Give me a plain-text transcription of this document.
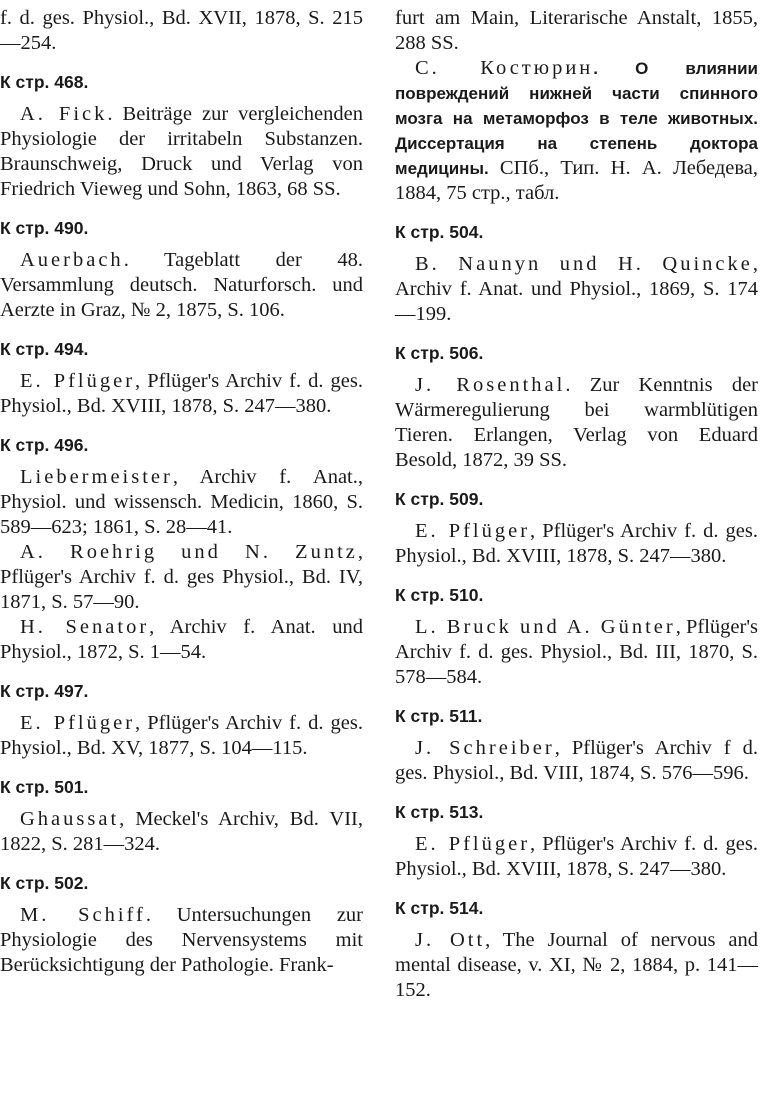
f. d. ges. Physiol., Bd. XVII, 1878, S. 215—254.

К стр. 468.

A. Fick. Beiträge zur vergleichenden Physiologie der irritabeln Substanzen. Braunschweig, Druck und Verlag von Friedrich Vieweg und Sohn, 1863, 68 SS.

К стр. 490.

Auerbach. Tageblatt der 48. Versammlung deutsch. Naturforsch. und Aerzte in Graz, № 2, 1875, S. 106.

К стр. 494.

E. Pflüger, Pflüger's Archiv f. d. ges. Physiol., Bd. XVIII, 1878, S. 247—380.

К стр. 496.

Liebermeister, Archiv f. Anat., Physiol. und wissensch. Medicin, 1860, S. 589—623; 1861, S. 28—41.

A. Roehrig und N. Zuntz, Pflüger's Archiv f. d. ges Physiol., Bd. IV, 1871, S. 57—90.

H. Senator, Archiv f. Anat. und Physiol., 1872, S. 1—54.

К стр. 497.

E. Pflüger, Pflüger's Archiv f. d. ges. Physiol., Bd. XV, 1877, S. 104—115.

К стр. 501.

Ghaussat, Meckel's Archiv, Bd. VII, 1822, S. 281—324.

К стр. 502.

M. Schiff. Untersuchungen zur Physiologie des Nervensystems mit Berücksichtigung der Pathologie. Frank-

furt am Main, Literarische Anstalt, 1855, 288 SS.

С. Костюрин. О влиянии повреждений нижней части спинного мозга на метаморфоз в теле животных. Диссертация на степень доктора медицины. СПб., Тип. Н. А. Лебедева, 1884, 75 стр., табл.

К стр. 504.

B. Naunyn und H. Quincke, Archiv f. Anat. und Physiol., 1869, S. 174—199.

К стр. 506.

J. Rosenthal. Zur Kenntnis der Wärmeregulierung bei warmblütigen Tieren. Erlangen, Verlag von Eduard Besold, 1872, 39 SS.

К стр. 509.

E. Pflüger, Pflüger's Archiv f. d. ges. Physiol., Bd. XVIII, 1878, S. 247—380.

К стр. 510.

L. Bruck und A. Günter, Pflüger's Archiv f. d. ges. Physiol., Bd. III, 1870, S. 578—584.

К стр. 511.

J. Schreiber, Pflüger's Archiv f d. ges. Physiol., Bd. VIII, 1874, S. 576—596.

К стр. 513.

E. Pflüger, Pflüger's Archiv f. d. ges. Physiol., Bd. XVIII, 1878, S. 247—380.

К стр. 514.

J. Ott, The Journal of nervous and mental disease, v. XI, № 2, 1884, p. 141—152.
